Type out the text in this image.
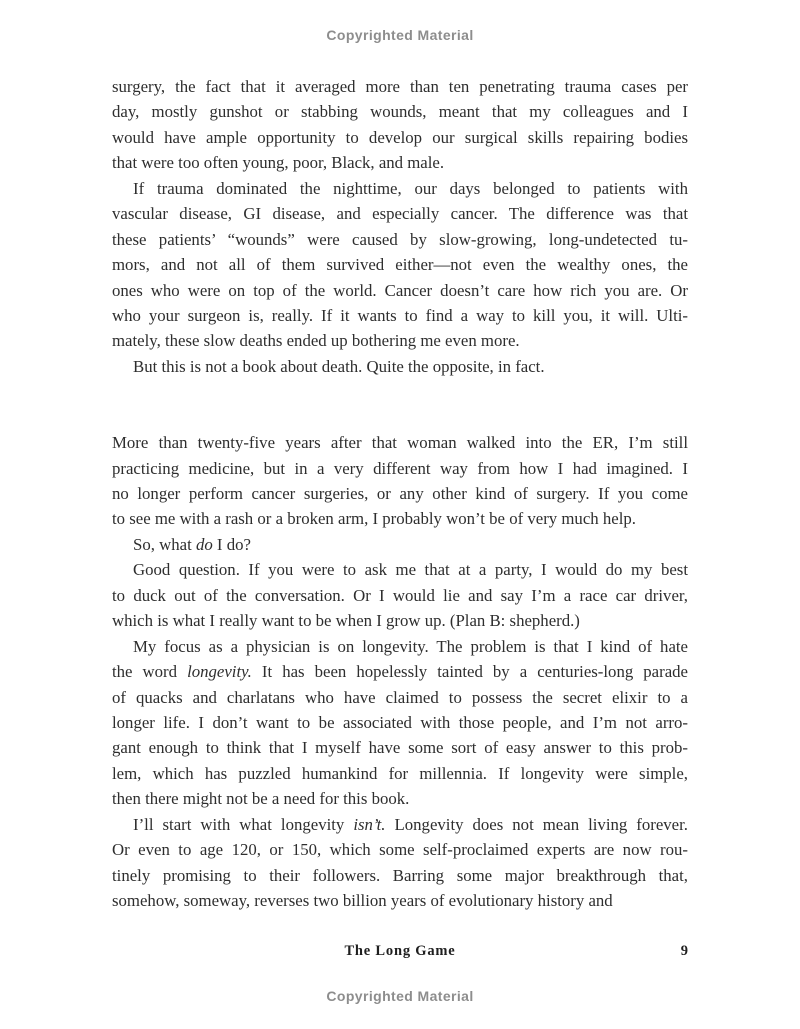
Copyrighted Material
surgery, the fact that it averaged more than ten penetrating trauma cases per
day, mostly gunshot or stabbing wounds, meant that my colleagues and I
would have ample opportunity to develop our surgical skills repairing bodies
that were too often young, poor, Black, and male.
If trauma dominated the nighttime, our days belonged to patients with
vascular disease, GI disease, and especially cancer. The difference was that
these patients’ “wounds” were caused by slow-growing, long-undetected tu-
mors, and not all of them survived either—not even the wealthy ones, the
ones who were on top of the world. Cancer doesn’t care how rich you are. Or
who your surgeon is, really. If it wants to find a way to kill you, it will. Ulti-
mately, these slow deaths ended up bothering me even more.
But this is not a book about death. Quite the opposite, in fact.
More than twenty-five years after that woman walked into the ER, I’m still
practicing medicine, but in a very different way from how I had imagined. I
no longer perform cancer surgeries, or any other kind of surgery. If you come
to see me with a rash or a broken arm, I probably won’t be of very much help.
So, what do I do?
Good question. If you were to ask me that at a party, I would do my best
to duck out of the conversation. Or I would lie and say I’m a race car driver,
which is what I really want to be when I grow up. (Plan B: shepherd.)
My focus as a physician is on longevity. The problem is that I kind of hate
the word longevity. It has been hopelessly tainted by a centuries-long parade
of quacks and charlatans who have claimed to possess the secret elixir to a
longer life. I don’t want to be associated with those people, and I’m not arro-
gant enough to think that I myself have some sort of easy answer to this prob-
lem, which has puzzled humankind for millennia. If longevity were simple,
then there might not be a need for this book.
I’ll start with what longevity isn’t. Longevity does not mean living forever.
Or even to age 120, or 150, which some self-proclaimed experts are now rou-
tinely promising to their followers. Barring some major breakthrough that,
somehow, someway, reverses two billion years of evolutionary history and
The Long Game	9
Copyrighted Material
